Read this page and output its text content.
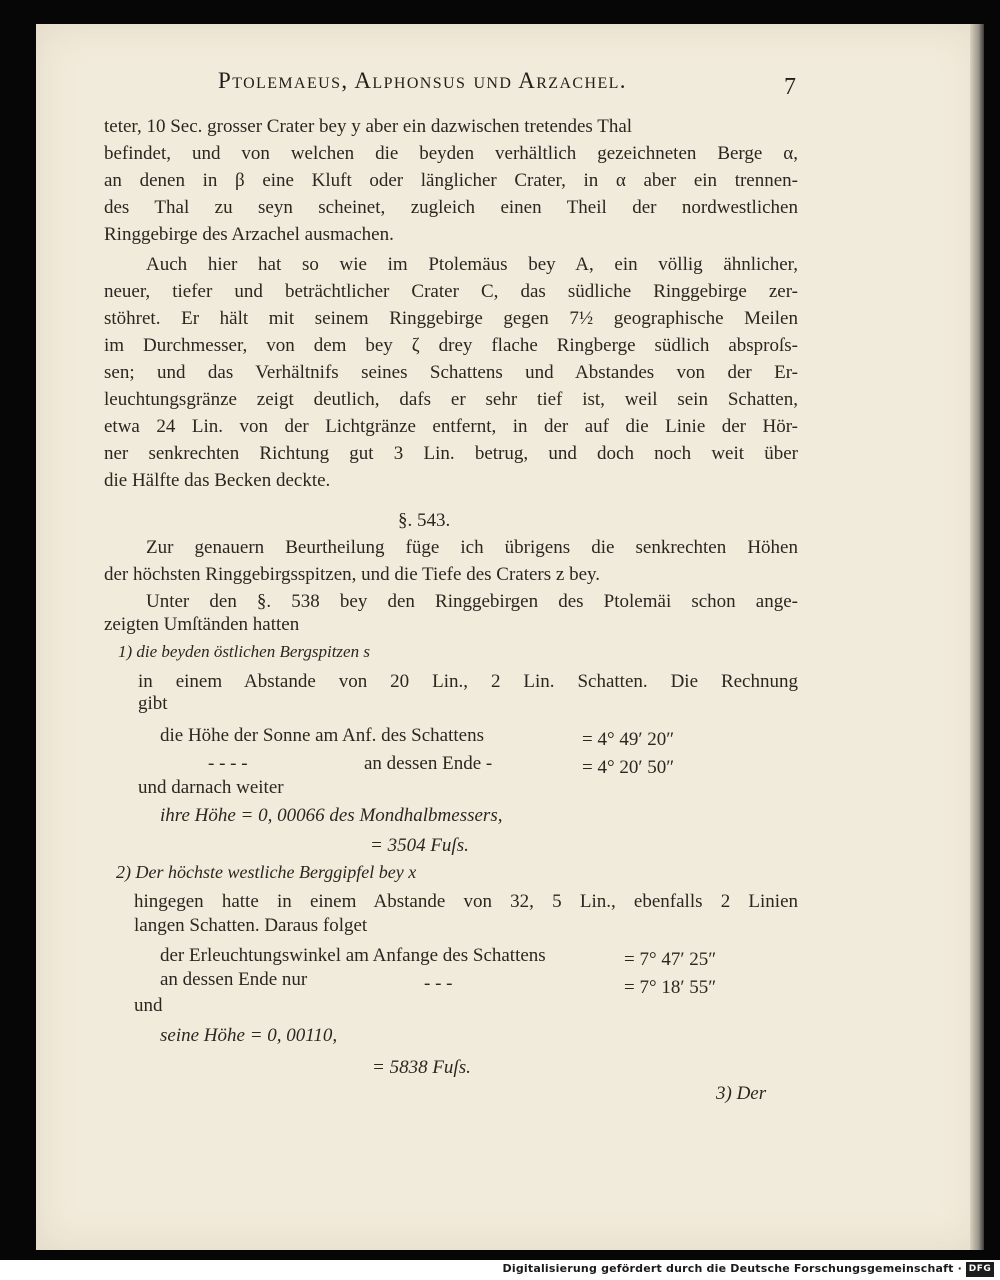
Ptolemaeus, Alphonsus und Arzachel.	7
teter, 10 Sec. grosser Crater bey y aber ein dazwischen tretendes Thal
befindet, und von welchen die beyden verhältlich gezeichneten Berge α,
an denen in β eine Kluft oder länglicher Crater, in α aber ein trennen-
des Thal zu seyn scheinet, zugleich einen Theil der nordwestlichen
Ringgebirge des Arzachel ausmachen.
Auch hier hat so wie im Ptolemäus bey A, ein völlig ähnlicher,
neuer, tiefer und beträchtlicher Crater C, das südliche Ringgebirge zer-
stöhret. Er hält mit seinem Ringgebirge gegen 7½ geographische Meilen
im Durchmesser, von dem bey ζ drey flache Ringberge südlich absproſs-
sen; und das Verhältnifs seines Schattens und Abstandes von der Er-
leuchtungsgränze zeigt deutlich, dafs er sehr tief ist, weil sein Schatten,
etwa 24 Lin. von der Lichtgränze entfernt, in der auf die Linie der Hör-
ner senkrechten Richtung gut 3 Lin. betrug, und doch noch weit über
die Hälfte das Becken deckte.
§. 543.
Zur genauern Beurtheilung füge ich übrigens die senkrechten Höhen
der höchsten Ringgebirgsspitzen, und die Tiefe des Craters z bey.
Unter den §. 538 bey den Ringgebirgen des Ptolemäi schon ange-
zeigten Umſtänden hatten
1) die beyden östlichen Bergspitzen s
in einem Abstande von 20 Lin., 2 Lin. Schatten. Die Rechnung
gibt
die Höhe der Sonne am Anf. des Schattens	= 4° 49′ 20″
- - - -	an dessen Ende -	= 4° 20′ 50″
und darnach weiter
ihre Höhe = 0, 00066 des Mondhalbmessers,
= 3504 Fuſs.
2) Der höchste westliche Berggipfel bey x
hingegen hatte in einem Abstande von 32, 5 Lin., ebenfalls 2 Linien
langen Schatten. Daraus folget
der Erleuchtungswinkel am Anfange des Schattens	= 7° 47′ 25″
an dessen Ende nur	- - -	= 7° 18′ 55″
und
seine Höhe = 0, 00110,
= 5838 Fuſs.
3) Der
Digitalisierung gefördert durch die Deutsche Forschungsgemeinschaft · DFG
